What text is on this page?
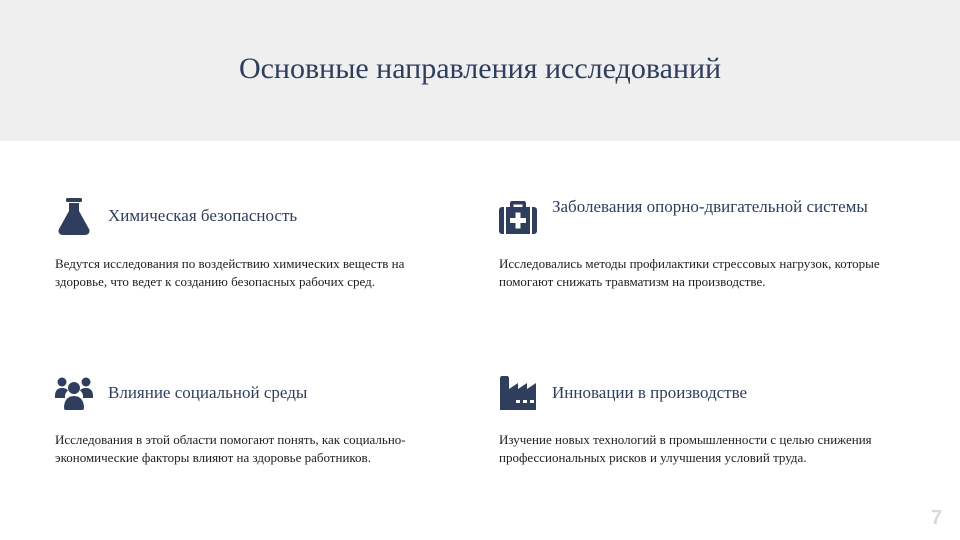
Основные направления исследований
Химическая безопасность

Ведутся исследования по воздействию химических веществ на здоровье, что ведет к созданию безопасных рабочих сред.

Заболевания опорно-двигательной системы

Исследовались методы профилактики стрессовых нагрузок, которые помогают снижать травматизм на производстве.

Влияние социальной среды

Исследования в этой области помогают понять, как социально-экономические факторы влияют на здоровье работников.

Инновации в производстве

Изучение новых технологий в промышленности с целью снижения профессиональных рисков и улучшения условий труда.

7
